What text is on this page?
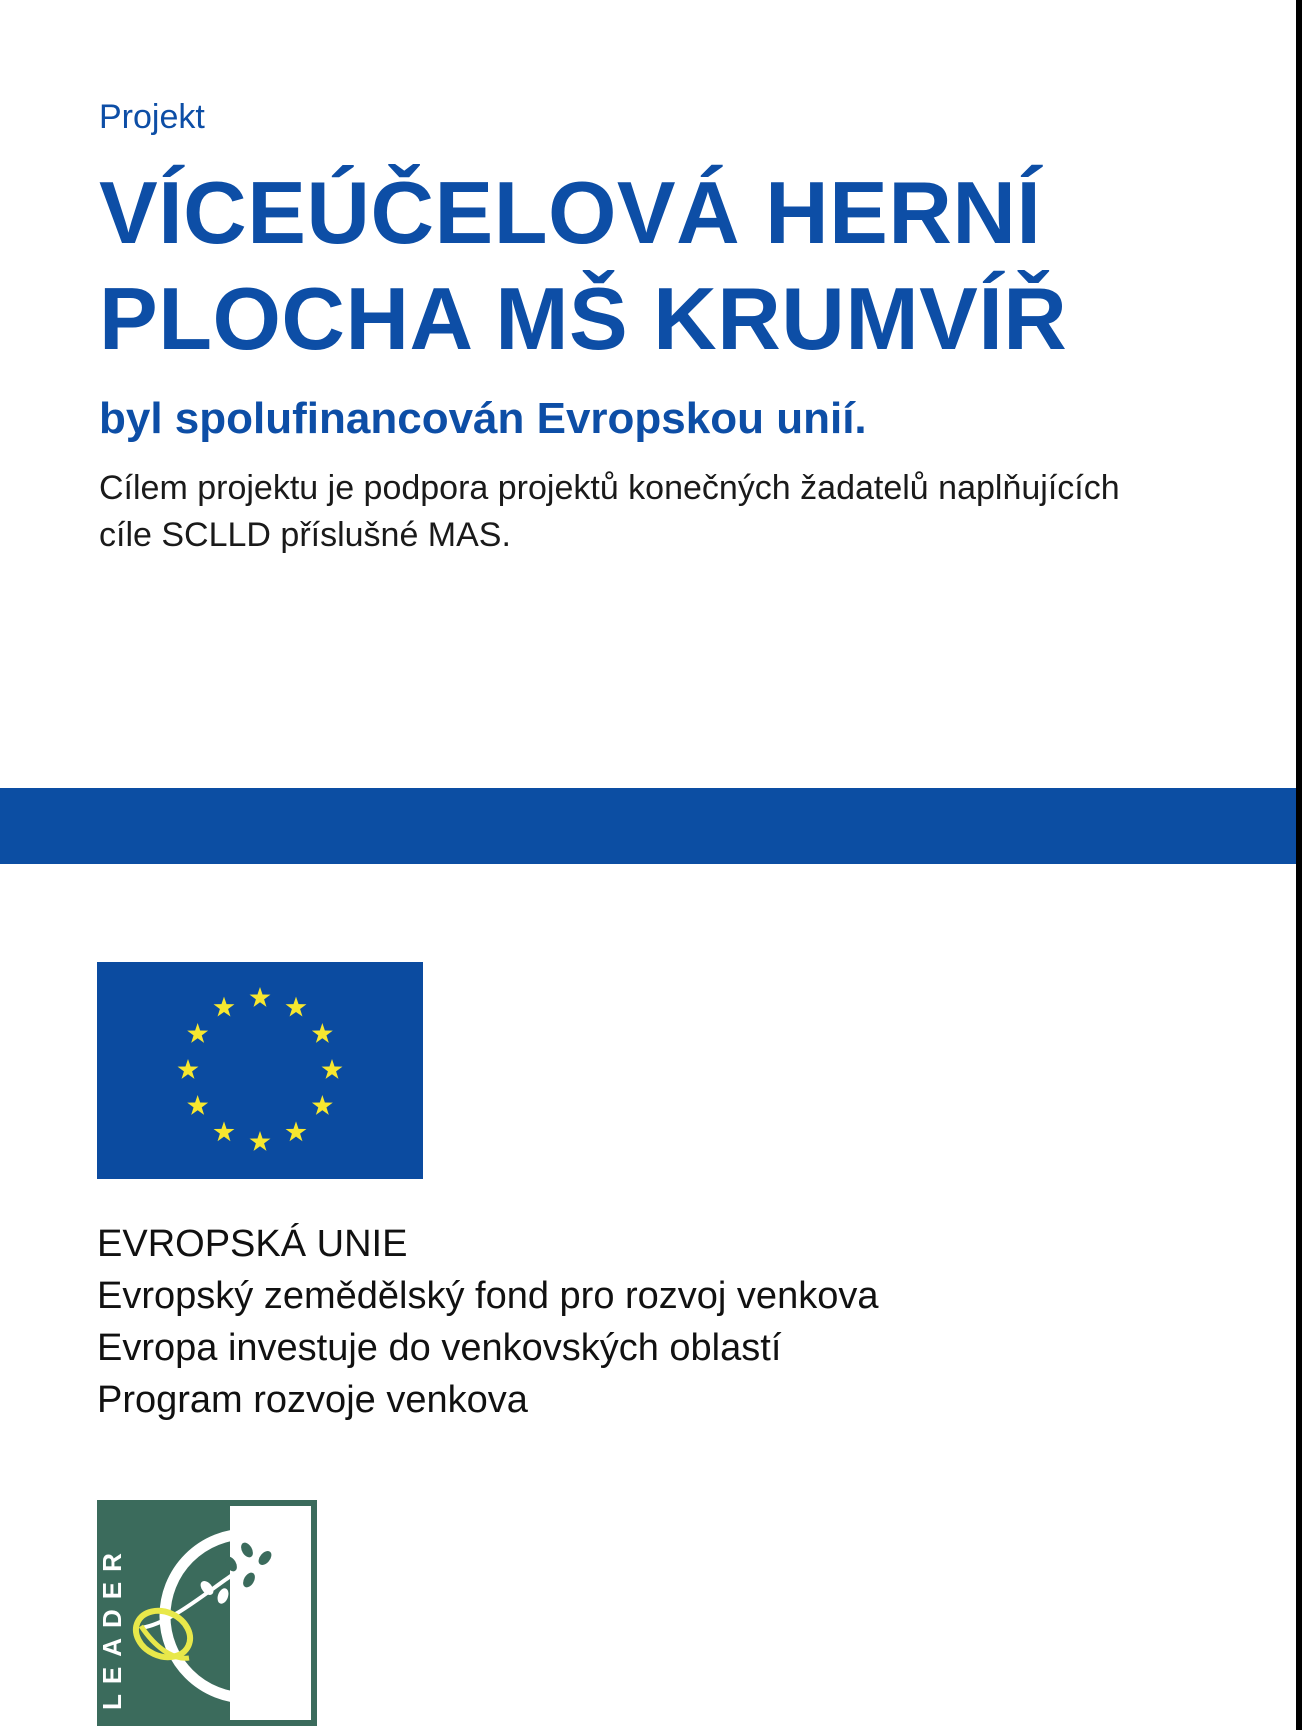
Projekt
VÍCEÚČELOVÁ HERNÍ
PLOCHA MŠ KRUMVÍŘ
byl spolufinancován Evropskou unií.
Cílem projektu je podpora projektů konečných žadatelů naplňujících
cíle SCLLD příslušné MAS.
EVROPSKÁ UNIE
Evropský zemědělský fond pro rozvoj venkova
Evropa investuje do venkovských oblastí
Program rozvoje venkova
LEADER
